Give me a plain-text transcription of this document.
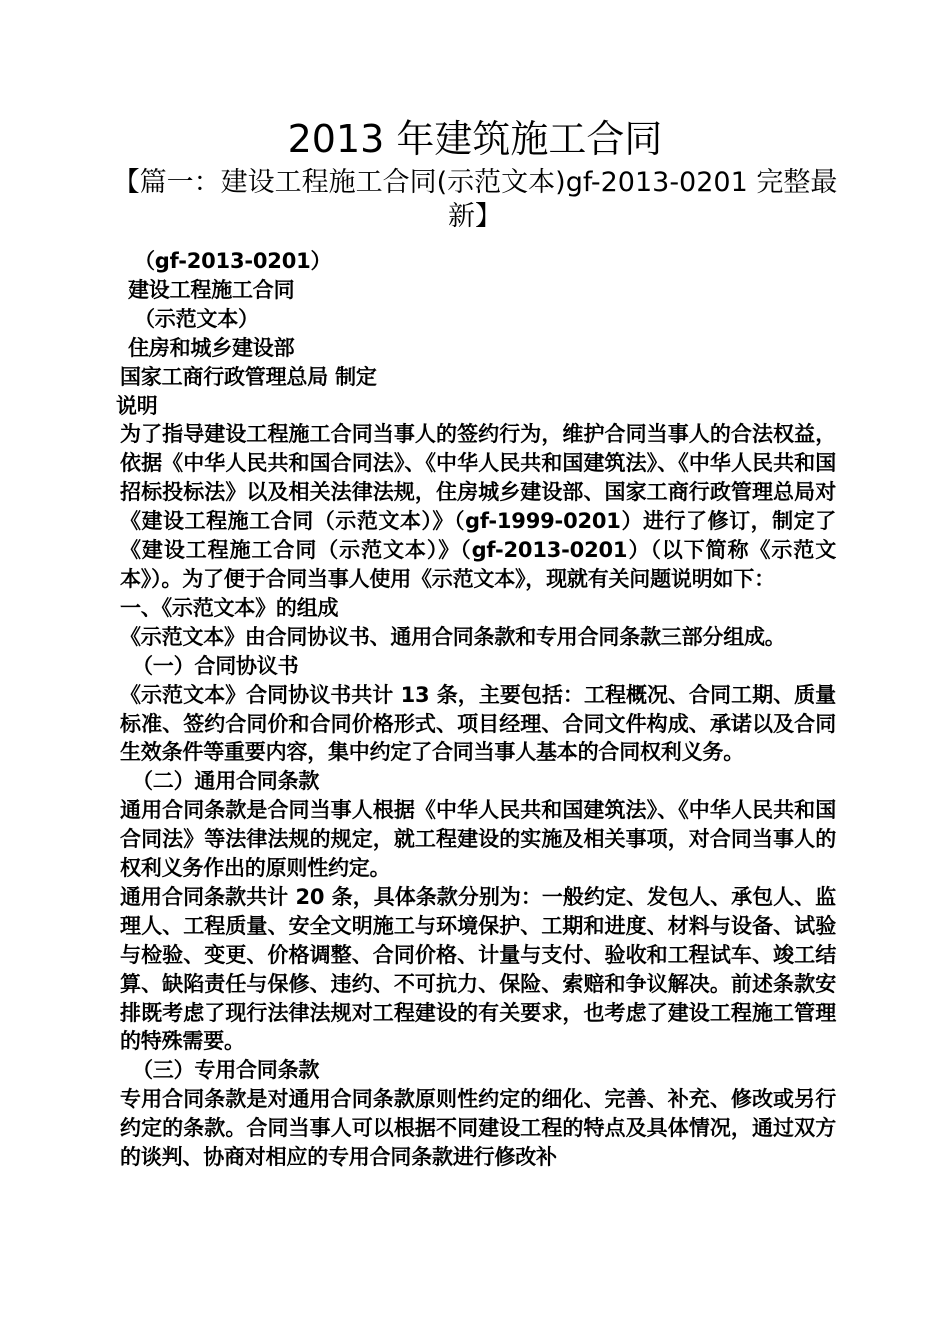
2013 年建筑施工合同
【篇一：建设工程施工合同(示范文本)gf-2013-0201 完整最新】

（gf-2013-0201）

建设工程施工合同

（示范文本）

住房和城乡建设部

国家工商行政管理总局 制定

说明

为了指导建设工程施工合同当事人的签约行为，维护合同当事人的合法权益，依据《中华人民共和国合同法》、《中华人民共和国建筑法》、《中华人民共和国招标投标法》以及相关法律法规，住房城乡建设部、国家工商行政管理总局对《建设工程施工合同（示范文本）》（gf-1999-0201）进行了修订，制定了《建设工程施工合同（示范文本）》（gf-2013-0201）（以下简称《示范文本》）。为了便于合同当事人使用《示范文本》，现就有关问题说明如下：

一、《示范文本》的组成

《示范文本》由合同协议书、通用合同条款和专用合同条款三部分组成。

（一）合同协议书

《示范文本》合同协议书共计 13 条，主要包括：工程概况、合同工期、质量标准、签约合同价和合同价格形式、项目经理、合同文件构成、承诺以及合同生效条件等重要内容，集中约定了合同当事人基本的合同权利义务。

（二）通用合同条款

通用合同条款是合同当事人根据《中华人民共和国建筑法》、《中华人民共和国合同法》等法律法规的规定，就工程建设的实施及相关事项，对合同当事人的权利义务作出的原则性约定。

通用合同条款共计 20 条，具体条款分别为：一般约定、发包人、承包人、监理人、工程质量、安全文明施工与环境保护、工期和进度、材料与设备、试验与检验、变更、价格调整、合同价格、计量与支付、验收和工程试车、竣工结算、缺陷责任与保修、违约、不可抗力、保险、索赔和争议解决。前述条款安排既考虑了现行法律法规对工程建设的有关要求，也考虑了建设工程施工管理的特殊需要。

（三）专用合同条款

专用合同条款是对通用合同条款原则性约定的细化、完善、补充、修改或另行约定的条款。合同当事人可以根据不同建设工程的特点及具体情况，通过双方的谈判、协商对相应的专用合同条款进行修改补
